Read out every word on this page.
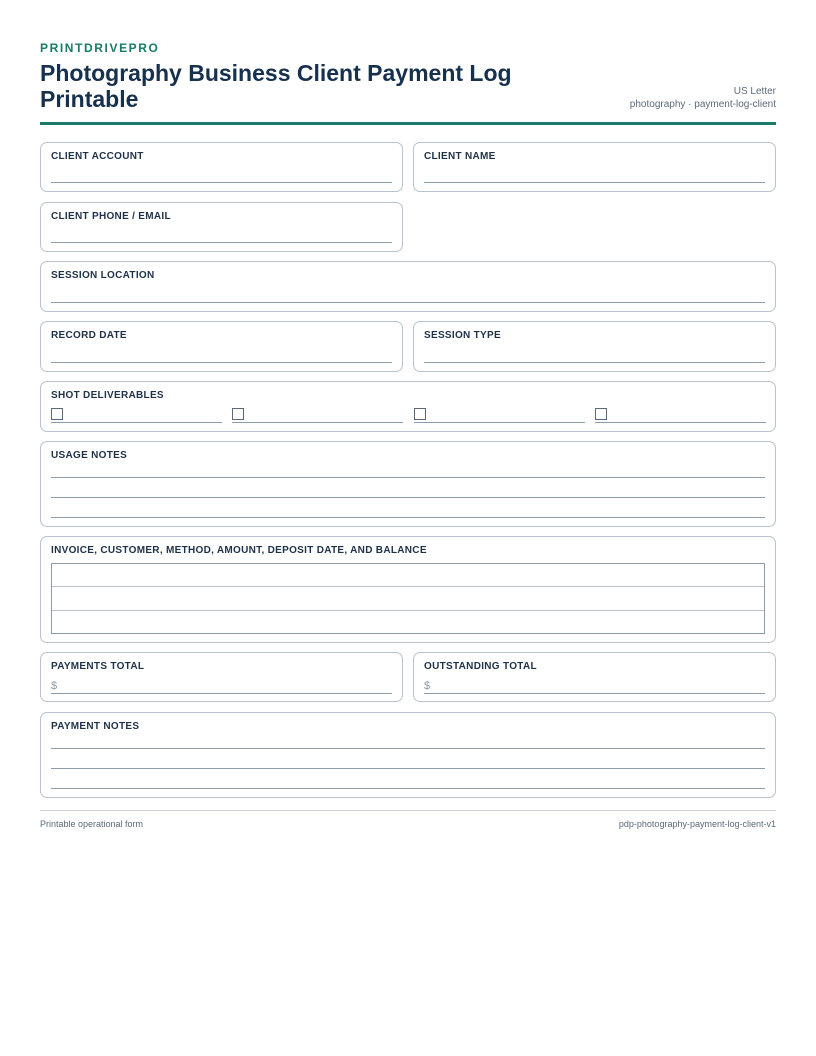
PRINTDRIVEPRO
Photography Business Client Payment Log Printable	US Letter
photography · payment-log-client
CLIENT ACCOUNT	CLIENT NAME
CLIENT PHONE / EMAIL
SESSION LOCATION
RECORD DATE	SESSION TYPE
SHOT DELIVERABLES
USAGE NOTES
INVOICE, CUSTOMER, METHOD, AMOUNT, DEPOSIT DATE, AND BALANCE
PAYMENTS TOTAL
$
OUTSTANDING TOTAL
$
PAYMENT NOTES
Printable operational form	pdp-photography-payment-log-client-v1
